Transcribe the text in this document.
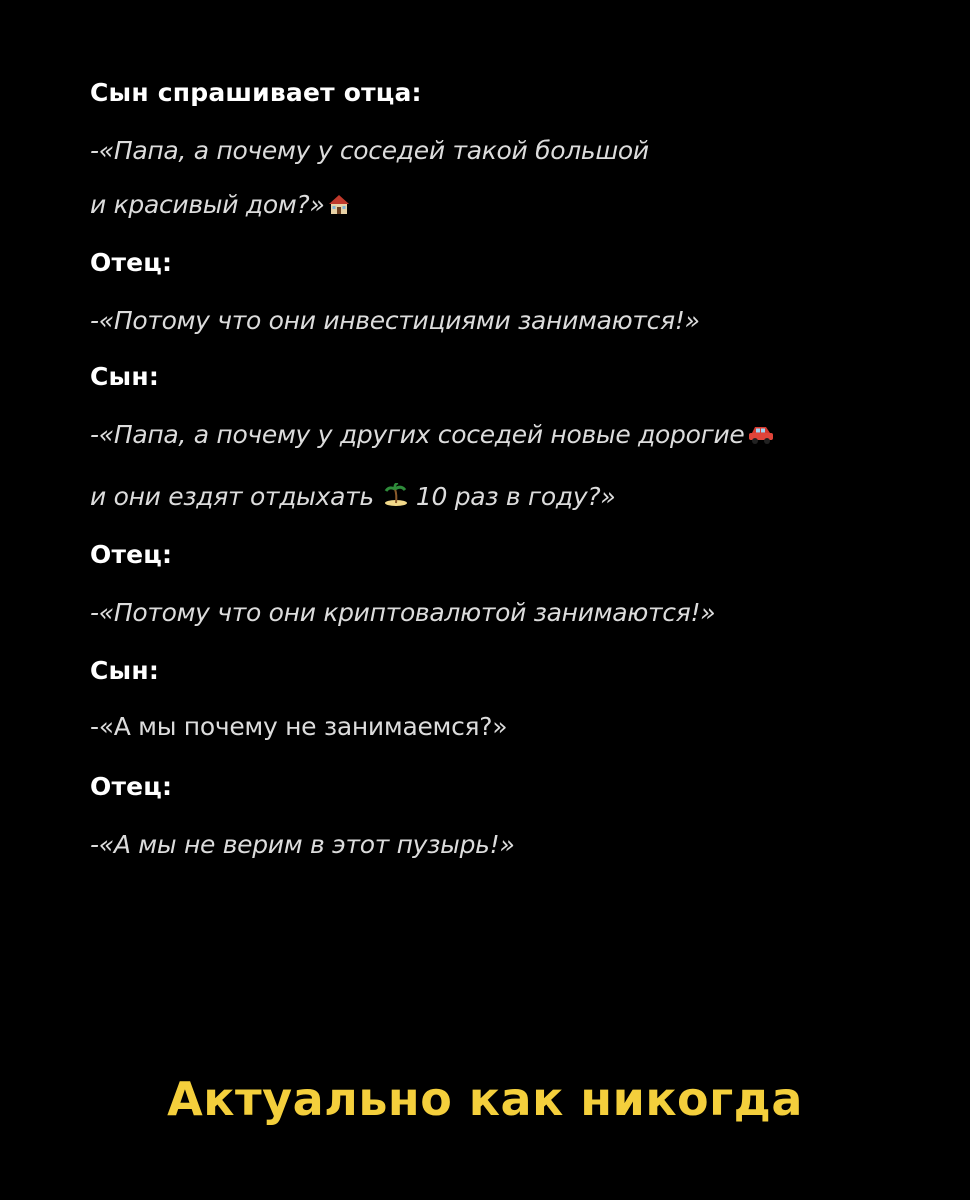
Сын спрашивает отца:
-«Папа, а почему у соседей такой большой
и красивый дом?»
Отец:
-«Потому что они инвестициями занимаются!»
Сын:
-«Папа, а почему у других соседей новые дорогие
и они ездят отдыхать 10 раз в году?»
Отец:
-«Потому что они криптовалютой занимаются!»
Сын:
-«А мы почему не занимаемся?»
Отец:
-«А мы не верим в этот пузырь!»
Актуально как никогда
